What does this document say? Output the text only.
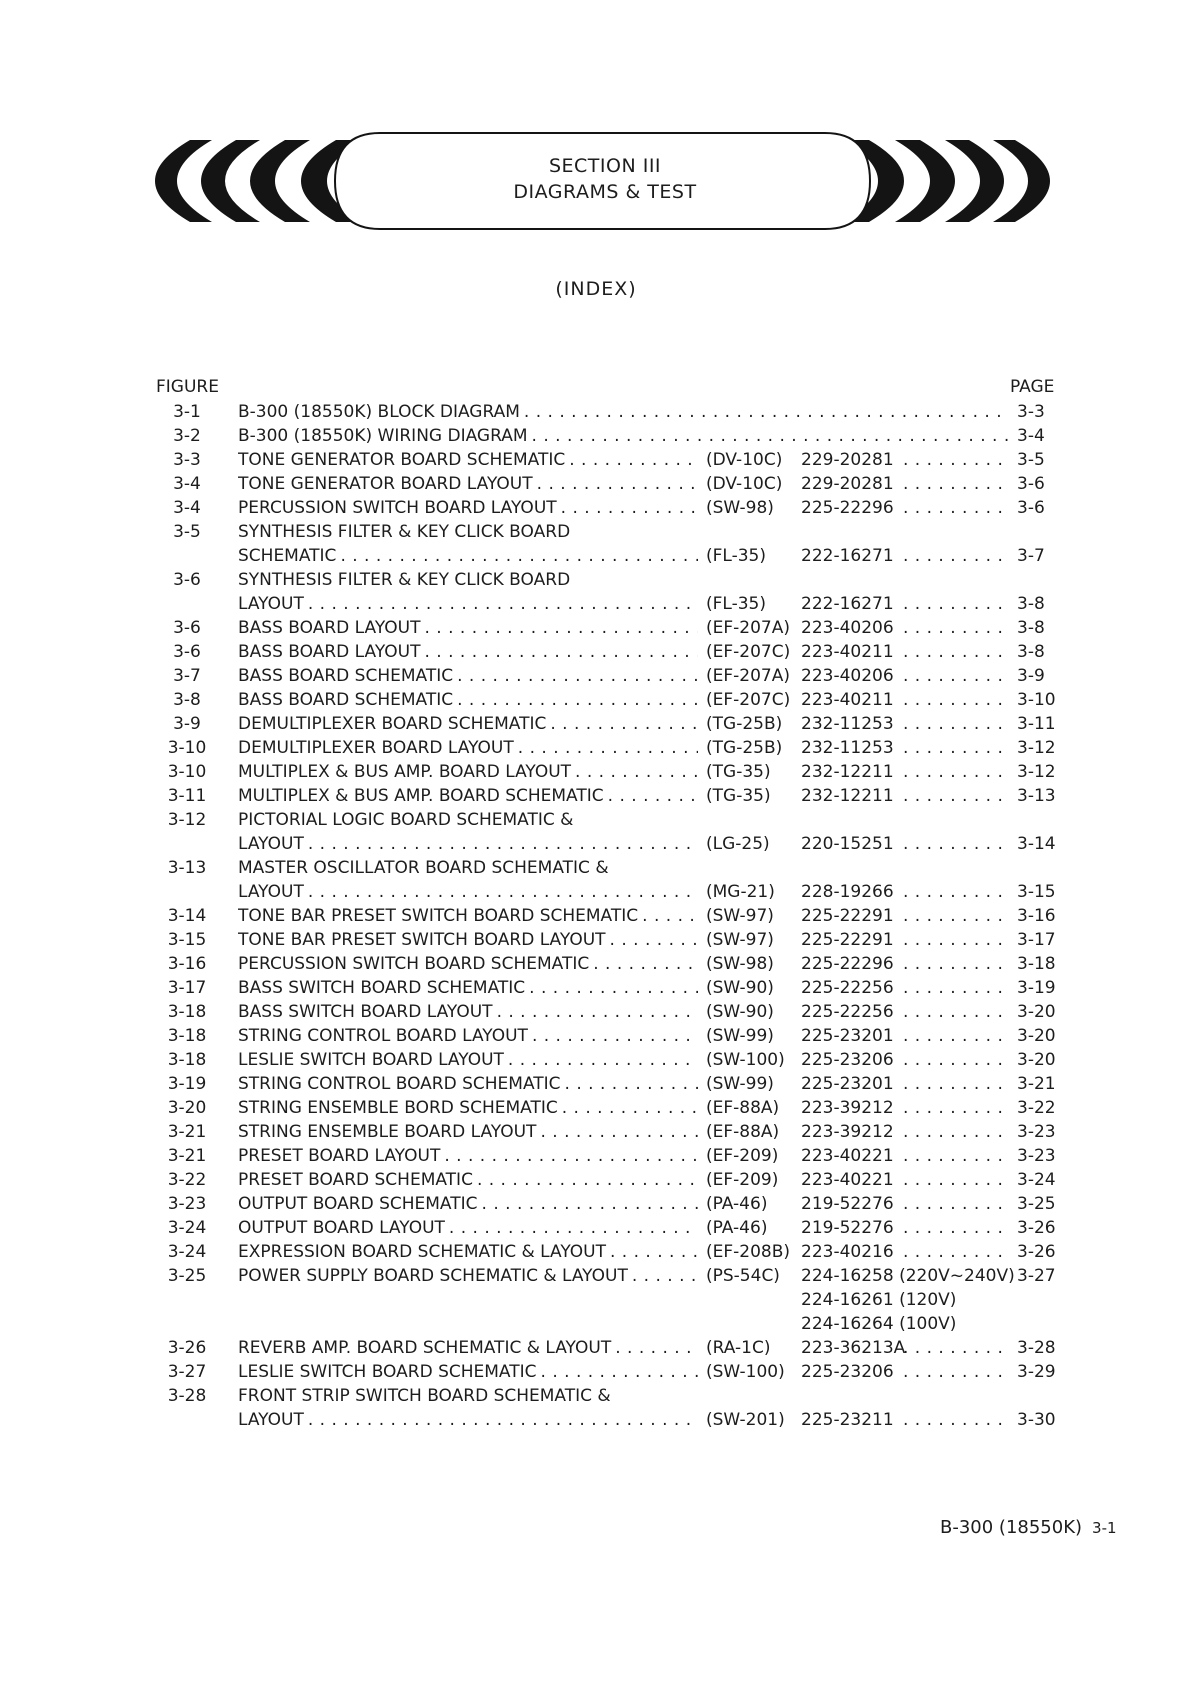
SECTION III
DIAGRAMS & TEST
(INDEX)
FIGURE	PAGE
3-1	B-300 (18550K) BLOCK DIAGRAM . . .	3-3
3-2	B-300 (18550K) WIRING DIAGRAM . . .	3-4
3-3	TONE GENERATOR BOARD SCHEMATIC . . .	(DV-10C) 229-20281 . . .	3-5
3-4	TONE GENERATOR BOARD LAYOUT . . .	(DV-10C) 229-20281 . . .	3-6
3-4	PERCUSSION SWITCH BOARD LAYOUT . . .	(SW-98) 225-22296 . . .	3-6
3-5	SYNTHESIS FILTER & KEY CLICK BOARD
SCHEMATIC . . .	(FL-35) 222-16271 . . .	3-7
3-6	SYNTHESIS FILTER & KEY CLICK BOARD
LAYOUT . . .	(FL-35) 222-16271 . . .	3-8
3-6	BASS BOARD LAYOUT . . .	(EF-207A) 223-40206 . . .	3-8
3-6	BASS BOARD LAYOUT . . .	(EF-207C) 223-40211 . . .	3-8
3-7	BASS BOARD SCHEMATIC . . .	(EF-207A) 223-40206 . . .	3-9
3-8	BASS BOARD SCHEMATIC . . .	(EF-207C) 223-40211 . . .	3-10
3-9	DEMULTIPLEXER BOARD SCHEMATIC . . .	(TG-25B) 232-11253 . . .	3-11
3-10	DEMULTIPLEXER BOARD LAYOUT . . .	(TG-25B) 232-11253 . . .	3-12
3-10	MULTIPLEX & BUS AMP. BOARD LAYOUT . . .	(TG-35) 232-12211 . . .	3-12
3-11	MULTIPLEX & BUS AMP. BOARD SCHEMATIC . . .	(TG-35) 232-12211 . . .	3-13
3-12	PICTORIAL LOGIC BOARD SCHEMATIC &
LAYOUT . . .	(LG-25) 220-15251 . . .	3-14
3-13	MASTER OSCILLATOR BOARD SCHEMATIC &
LAYOUT . . .	(MG-21) 228-19266 . . .	3-15
3-14	TONE BAR PRESET SWITCH BOARD SCHEMATIC . . .	(SW-97) 225-22291 . . .	3-16
3-15	TONE BAR PRESET SWITCH BOARD LAYOUT . . .	(SW-97) 225-22291 . . .	3-17
3-16	PERCUSSION SWITCH BOARD SCHEMATIC . . .	(SW-98) 225-22296 . . .	3-18
3-17	BASS SWITCH BOARD SCHEMATIC . . .	(SW-90) 225-22256 . . .	3-19
3-18	BASS SWITCH BOARD LAYOUT . . .	(SW-90) 225-22256 . . .	3-20
3-18	STRING CONTROL BOARD LAYOUT . . .	(SW-99) 225-23201 . . .	3-20
3-18	LESLIE SWITCH BOARD LAYOUT . . .	(SW-100) 225-23206 . . .	3-20
3-19	STRING CONTROL BOARD SCHEMATIC . . .	(SW-99) 225-23201 . . .	3-21
3-20	STRING ENSEMBLE BORD SCHEMATIC . . .	(EF-88A) 223-39212 . . .	3-22
3-21	STRING ENSEMBLE BOARD LAYOUT . . .	(EF-88A) 223-39212 . . .	3-23
3-21	PRESET BOARD LAYOUT . . .	(EF-209) 223-40221 . . .	3-23
3-22	PRESET BOARD SCHEMATIC . . .	(EF-209) 223-40221 . . .	3-24
3-23	OUTPUT BOARD SCHEMATIC . . .	(PA-46) 219-52276 . . .	3-25
3-24	OUTPUT BOARD LAYOUT . . .	(PA-46) 219-52276 . . .	3-26
3-24	EXPRESSION BOARD SCHEMATIC & LAYOUT . . .	(EF-208B) 223-40216 . . .	3-26
3-25	POWER SUPPLY BOARD SCHEMATIC & LAYOUT . . .	(PS-54C) 224-16258 (220V~240V) 3-27
224-16261 (120V)
224-16264 (100V)
3-26	REVERB AMP. BOARD SCHEMATIC & LAYOUT . . .	(RA-1C) 223-36213A . . .	3-28
3-27	LESLIE SWITCH BOARD SCHEMATIC . . .	(SW-100) 225-23206 . . .	3-29
3-28	FRONT STRIP SWITCH BOARD SCHEMATIC &
LAYOUT . . .	(SW-201) 225-23211 . . .	3-30
B-300 (18550K) 3-1
